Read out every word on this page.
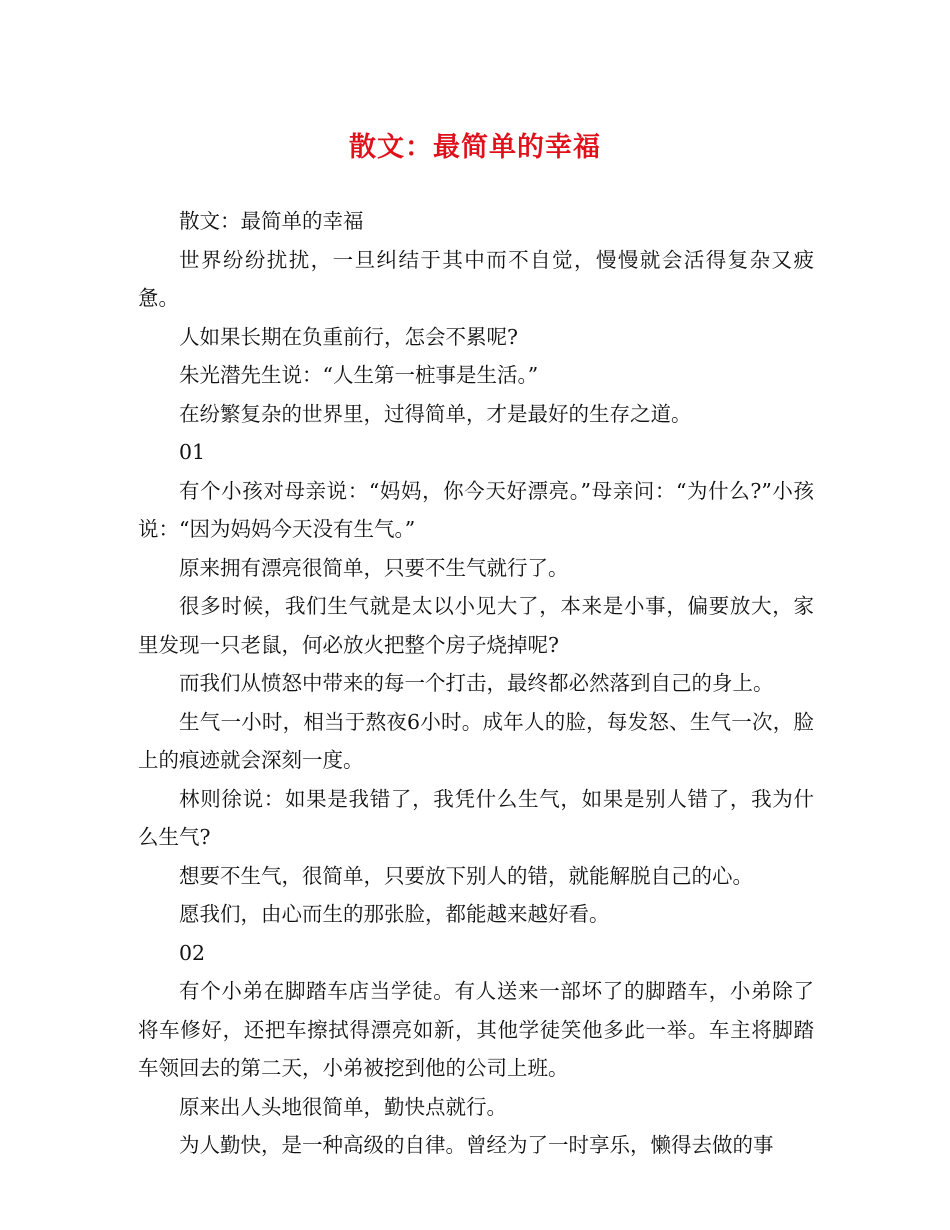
散文：最简单的幸福

散文：最简单的幸福

世界纷纷扰扰，一旦纠结于其中而不自觉，慢慢就会活得复杂又疲惫。

人如果长期在负重前行，怎会不累呢?

朱光潜先生说：“人生第一桩事是生活。”

在纷繁复杂的世界里，过得简单，才是最好的生存之道。

01

有个小孩对母亲说：“妈妈，你今天好漂亮。”母亲问：“为什么?”小孩说：“因为妈妈今天没有生气。”

原来拥有漂亮很简单，只要不生气就行了。

很多时候，我们生气就是太以小见大了，本来是小事，偏要放大，家里发现一只老鼠，何必放火把整个房子烧掉呢?

而我们从愤怒中带来的每一个打击，最终都必然落到自己的身上。

生气一小时，相当于熬夜6小时。成年人的脸，每发怒、生气一次，脸上的痕迹就会深刻一度。

林则徐说：如果是我错了，我凭什么生气，如果是别人错了，我为什么生气?

想要不生气，很简单，只要放下别人的错，就能解脱自己的心。

愿我们，由心而生的那张脸，都能越来越好看。

02

有个小弟在脚踏车店当学徒。有人送来一部坏了的脚踏车，小弟除了将车修好，还把车擦拭得漂亮如新，其他学徒笑他多此一举。车主将脚踏车领回去的第二天，小弟被挖到他的公司上班。

原来出人头地很简单，勤快点就行。

为人勤快，是一种高级的自律。曾经为了一时享乐，懒得去做的事
